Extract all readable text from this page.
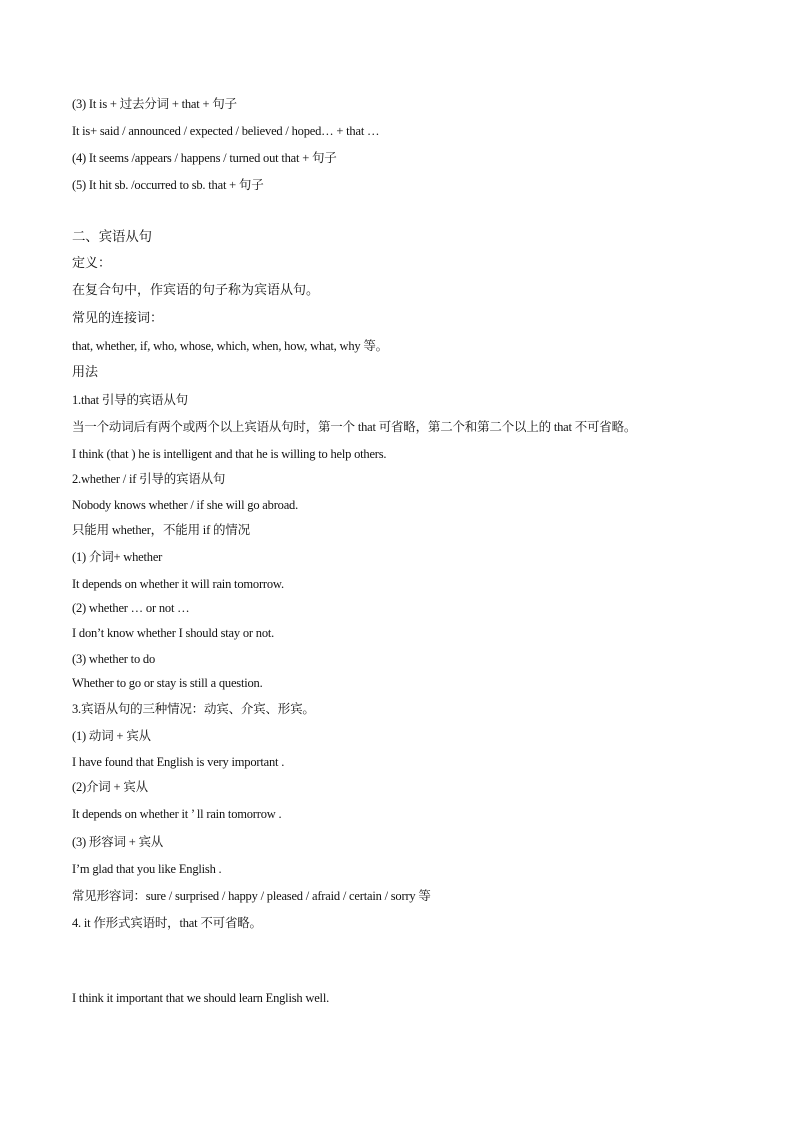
(3) It is + 过去分词 + that + 句子
It is+ said / announced / expected / believed / hoped… + that …
(4) It seems /appears / happens / turned out that + 句子
(5) It hit sb. /occurred to sb. that + 句子
二、宾语从句
定义：
在复合句中，作宾语的句子称为宾语从句。
常见的连接词：
that, whether, if, who, whose, which, when, how, what, why 等。
用法
1.that 引导的宾语从句
当一个动词后有两个或两个以上宾语从句时，第一个 that 可省略，第二个和第二个以上的 that 不可省略。
I think (that ) he is intelligent and that he is willing to help others.
2.whether / if 引导的宾语从句
Nobody knows whether / if she will go abroad.
只能用 whether，不能用 if 的情况
(1) 介词+ whether
It depends on whether it will rain tomorrow.
(2) whether … or not …
I don’t know whether I should stay or not.
(3) whether to do
Whether to go or stay is still a question.
3.宾语从句的三种情况：动宾、介宾、形宾。
(1) 动词 + 宾从
I have found that English is very important .
(2)介词 + 宾从
It depends on whether it ’ ll rain tomorrow .
(3) 形容词 + 宾从
I’m glad that you like English .
常见形容词：sure / surprised / happy / pleased / afraid / certain / sorry 等
4. it 作形式宾语时，that 不可省略。
I think it important that we should learn English well.
